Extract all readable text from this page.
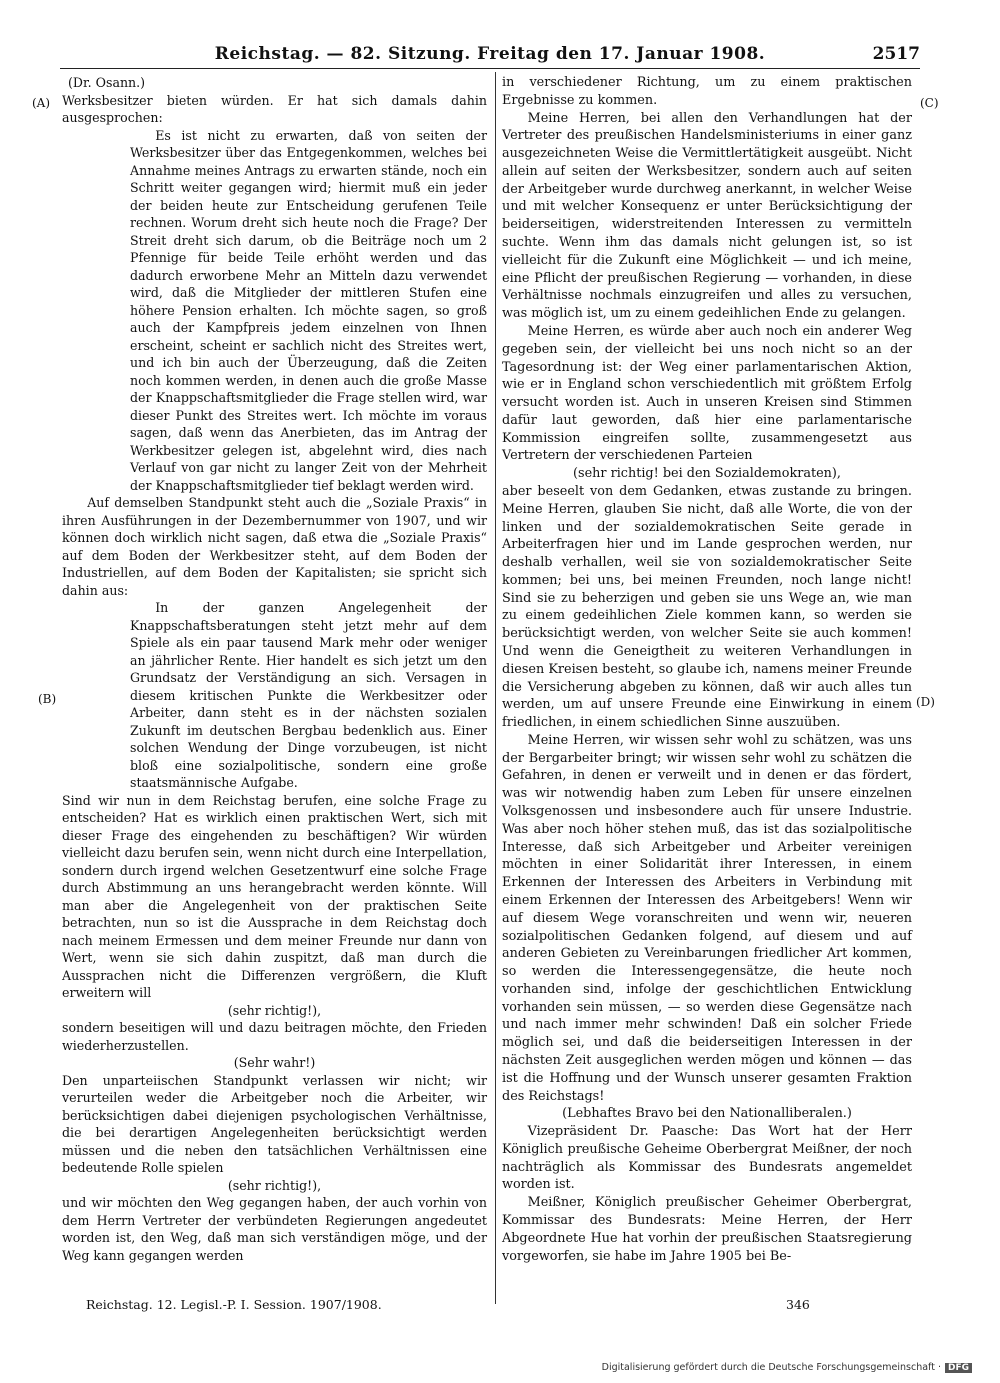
Reichstag. — 82. Sitzung. Freitag den 17. Januar 1908.	2517
(A)
(B)
(C)
(D)

(Dr. Osann.)

Werksbesitzer bieten würden. Er hat sich damals dahin ausgesprochen:

Es ist nicht zu erwarten, daß von seiten der Werksbesitzer über das Entgegenkommen, welches bei Annahme meines Antrags zu erwarten stände, noch ein Schritt weiter gegangen wird; hiermit muß ein jeder der beiden heute zur Entscheidung gerufenen Teile rechnen. Worum dreht sich heute noch die Frage? Der Streit dreht sich darum, ob die Beiträge noch um 2 Pfennige für beide Teile erhöht werden und das dadurch erworbene Mehr an Mitteln dazu verwendet wird, daß die Mitglieder der mittleren Stufen eine höhere Pension erhalten. Ich möchte sagen, so groß auch der Kampfpreis jedem einzelnen von Ihnen erscheint, scheint er sachlich nicht des Streites wert, und ich bin auch der Überzeugung, daß die Zeiten noch kommen werden, in denen auch die große Masse der Knappschaftsmitglieder die Frage stellen wird, war dieser Punkt des Streites wert. Ich möchte im voraus sagen, daß wenn das Anerbieten, das im Antrag der Werkbesitzer gelegen ist, abgelehnt wird, dies nach Verlauf von gar nicht zu langer Zeit von der Mehrheit der Knappschaftsmitglieder tief beklagt werden wird.

Auf demselben Standpunkt steht auch die „Soziale Praxis“ in ihren Ausführungen in der Dezembernummer von 1907, und wir können doch wirklich nicht sagen, daß etwa die „Soziale Praxis“ auf dem Boden der Werkbesitzer steht, auf dem Boden der Industriellen, auf dem Boden der Kapitalisten; sie spricht sich dahin aus:

In der ganzen Angelegenheit der Knappschaftsberatungen steht jetzt mehr auf dem Spiele als ein paar tausend Mark mehr oder weniger an jährlicher Rente. Hier handelt es sich jetzt um den Grundsatz der Verständigung an sich. Versagen in diesem kritischen Punkte die Werkbesitzer oder Arbeiter, dann steht es in der nächsten sozialen Zukunft im deutschen Bergbau bedenklich aus. Einer solchen Wendung der Dinge vorzubeugen, ist nicht bloß eine sozialpolitische, sondern eine große staatsmännische Aufgabe.

Sind wir nun in dem Reichstag berufen, eine solche Frage zu entscheiden? Hat es wirklich einen praktischen Wert, sich mit dieser Frage des eingehenden zu beschäftigen? Wir würden vielleicht dazu berufen sein, wenn nicht durch eine Interpellation, sondern durch irgend welchen Gesetzentwurf eine solche Frage durch Abstimmung an uns herangebracht werden könnte. Will man aber die Angelegenheit von der praktischen Seite betrachten, nun so ist die Aussprache in dem Reichstag doch nach meinem Ermessen und dem meiner Freunde nur dann von Wert, wenn sie sich dahin zuspitzt, daß man durch die Aussprachen nicht die Differenzen vergrößern, die Kluft erweitern will

(sehr richtig!),

sondern beseitigen will und dazu beitragen möchte, den Frieden wiederherzustellen.

(Sehr wahr!)

Den unparteiischen Standpunkt verlassen wir nicht; wir verurteilen weder die Arbeitgeber noch die Arbeiter, wir berücksichtigen dabei diejenigen psychologischen Verhältnisse, die bei derartigen Angelegenheiten berücksichtigt werden müssen und die neben den tatsächlichen Verhältnissen eine bedeutende Rolle spielen

(sehr richtig!),

und wir möchten den Weg gegangen haben, der auch vorhin von dem Herrn Vertreter der verbündeten Regierungen angedeutet worden ist, den Weg, daß man sich verständigen möge, und der Weg kann gegangen werden

in verschiedener Richtung, um zu einem praktischen Ergebnisse zu kommen.

Meine Herren, bei allen den Verhandlungen hat der Vertreter des preußischen Handelsministeriums in einer ganz ausgezeichneten Weise die Vermittlertätigkeit ausgeübt. Nicht allein auf seiten der Werksbesitzer, sondern auch auf seiten der Arbeitgeber wurde durchweg anerkannt, in welcher Weise und mit welcher Konsequenz er unter Berücksichtigung der beiderseitigen, widerstreitenden Interessen zu vermitteln suchte. Wenn ihm das damals nicht gelungen ist, so ist vielleicht für die Zukunft eine Möglichkeit — und ich meine, eine Pflicht der preußischen Regierung — vorhanden, in diese Verhältnisse nochmals einzugreifen und alles zu versuchen, was möglich ist, um zu einem gedeihlichen Ende zu gelangen.

Meine Herren, es würde aber auch noch ein anderer Weg gegeben sein, der vielleicht bei uns noch nicht so an der Tagesordnung ist: der Weg einer parlamentarischen Aktion, wie er in England schon verschiedentlich mit größtem Erfolg versucht worden ist. Auch in unseren Kreisen sind Stimmen dafür laut geworden, daß hier eine parlamentarische Kommission eingreifen sollte, zusammengesetzt aus Vertretern der verschiedenen Parteien

(sehr richtig! bei den Sozialdemokraten),

aber beseelt von dem Gedanken, etwas zustande zu bringen. Meine Herren, glauben Sie nicht, daß alle Worte, die von der linken und der sozialdemokratischen Seite gerade in Arbeiterfragen hier und im Lande gesprochen werden, nur deshalb verhallen, weil sie von sozialdemokratischer Seite kommen; bei uns, bei meinen Freunden, noch lange nicht! Sind sie zu beherzigen und geben sie uns Wege an, wie man zu einem gedeihlichen Ziele kommen kann, so werden sie berücksichtigt werden, von welcher Seite sie auch kommen! Und wenn die Geneigtheit zu weiteren Verhandlungen in diesen Kreisen besteht, so glaube ich, namens meiner Freunde die Versicherung abgeben zu können, daß wir auch alles tun werden, um auf unsere Freunde eine Einwirkung in einem friedlichen, in einem schiedlichen Sinne auszuüben.

Meine Herren, wir wissen sehr wohl zu schätzen, was uns der Bergarbeiter bringt; wir wissen sehr wohl zu schätzen die Gefahren, in denen er verweilt und in denen er das fördert, was wir notwendig haben zum Leben für unsere einzelnen Volksgenossen und insbesondere auch für unsere Industrie. Was aber noch höher stehen muß, das ist das sozialpolitische Interesse, daß sich Arbeitgeber und Arbeiter vereinigen möchten in einer Solidarität ihrer Interessen, in einem Erkennen der Interessen des Arbeiters in Verbindung mit einem Erkennen der Interessen des Arbeitgebers! Wenn wir auf diesem Wege voranschreiten und wenn wir, neueren sozialpolitischen Gedanken folgend, auf diesem und auf anderen Gebieten zu Vereinbarungen friedlicher Art kommen, so werden die Interessengegensätze, die heute noch vorhanden sind, infolge der geschichtlichen Entwicklung vorhanden sein müssen, — so werden diese Gegensätze nach und nach immer mehr schwinden! Daß ein solcher Friede möglich sei, und daß die beiderseitigen Interessen in der nächsten Zeit ausgeglichen werden mögen und können — das ist die Hoffnung und der Wunsch unserer gesamten Fraktion des Reichstags!

(Lebhaftes Bravo bei den Nationalliberalen.)

Vizepräsident Dr. Paasche: Das Wort hat der Herr Königlich preußische Geheime Oberbergrat Meißner, der noch nachträglich als Kommissar des Bundesrats angemeldet worden ist.

Meißner, Königlich preußischer Geheimer Oberbergrat, Kommissar des Bundesrats: Meine Herren, der Herr Abgeordnete Hue hat vorhin der preußischen Staatsregierung vorgeworfen, sie habe im Jahre 1905 bei Be-

Reichstag. 12. Legisl.-P. I. Session. 1907/1908.	346
Digitalisierung gefördert durch die Deutsche Forschungsgemeinschaft · DFG
